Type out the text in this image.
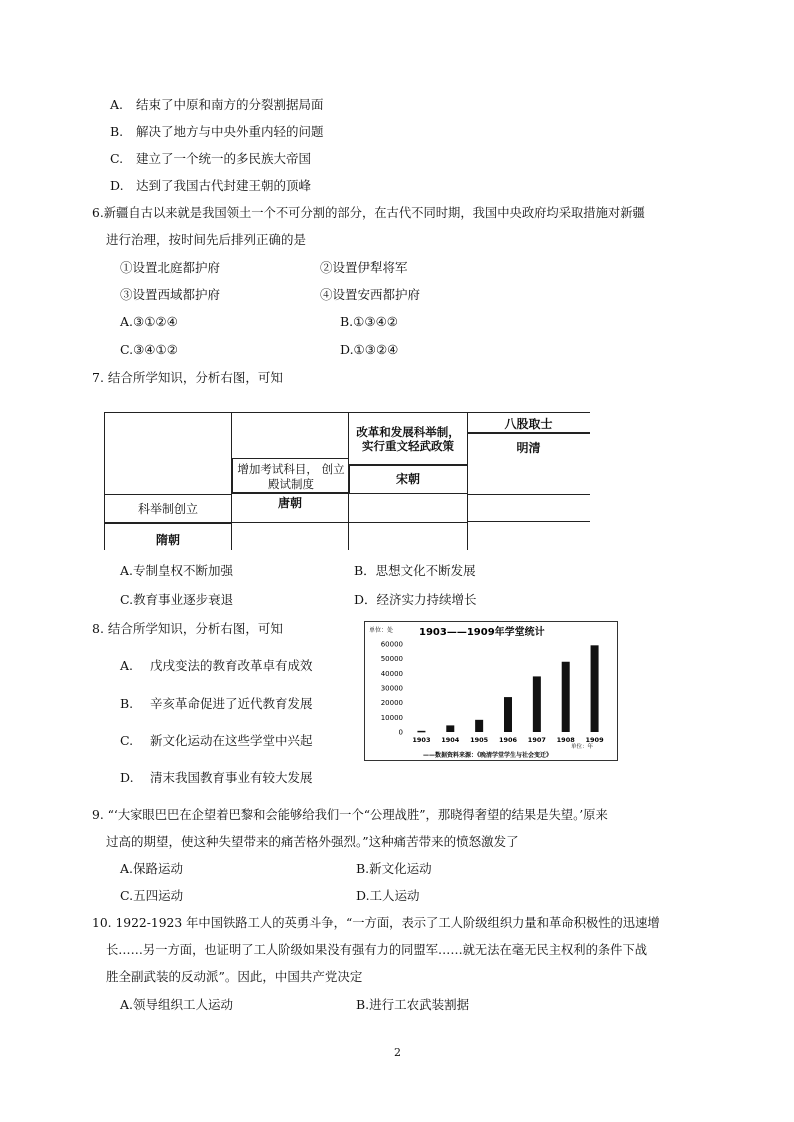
A. 结束了中原和南方的分裂割据局面
B. 解决了地方与中央外重内轻的问题
C. 建立了一个统一的多民族大帝国
D. 达到了我国古代封建王朝的顶峰
6.新疆自古以来就是我国领土一个不可分割的部分，在古代不同时期，我国中央政府均采取措施对新疆
进行治理，按时间先后排列正确的是
①设置北庭都护府	②设置伊犁将军
③设置西域都护府	④设置安西都护府
A.③①②④	B.①③④②
C.③④①②	D.①③②④
7. 结合所学知识，分析右图，可知
科举制创立
隋朝
增加考试科目， 创立殿试制度
唐朝
改革和发展科举制，
实行重文轻武政策
宋朝
八股取士
明清
A.专制皇权不断加强	B．思想文化不断发展
C.教育事业逐步衰退	D．经济实力持续增长
8. 结合所学知识，分析右图，可知
A. 戊戌变法的教育改革卓有成效
B. 辛亥革命促进了近代教育发展
C. 新文化运动在这些学堂中兴起
D. 清末我国教育事业有较大发展
单位：处	1903——1909年学堂统计
单位：年
——数据资料来源：《晚清学堂学生与社会变迁》
60000
50000
40000
30000
20000
10000
0
1903 1904 1905 1906 1907 1908 1909
9. “‘大家眼巴巴在企望着巴黎和会能够给我们一个“公理战胜”，那晓得奢望的结果是失望。’原来
过高的期望，使这种失望带来的痛苦格外强烈。”这种痛苦带来的愤怒激发了
A.保路运动	B.新文化运动
C.五四运动	D.工人运动
10. 1922-1923 年中国铁路工人的英勇斗争，“一方面，表示了工人阶级组织力量和革命积极性的迅速增
长……另一方面，也证明了工人阶级如果没有强有力的同盟军……就无法在毫无民主权利的条件下战
胜全副武装的反动派”。因此，中国共产党决定
A.领导组织工人运动	B.进行工农武装割据
2
